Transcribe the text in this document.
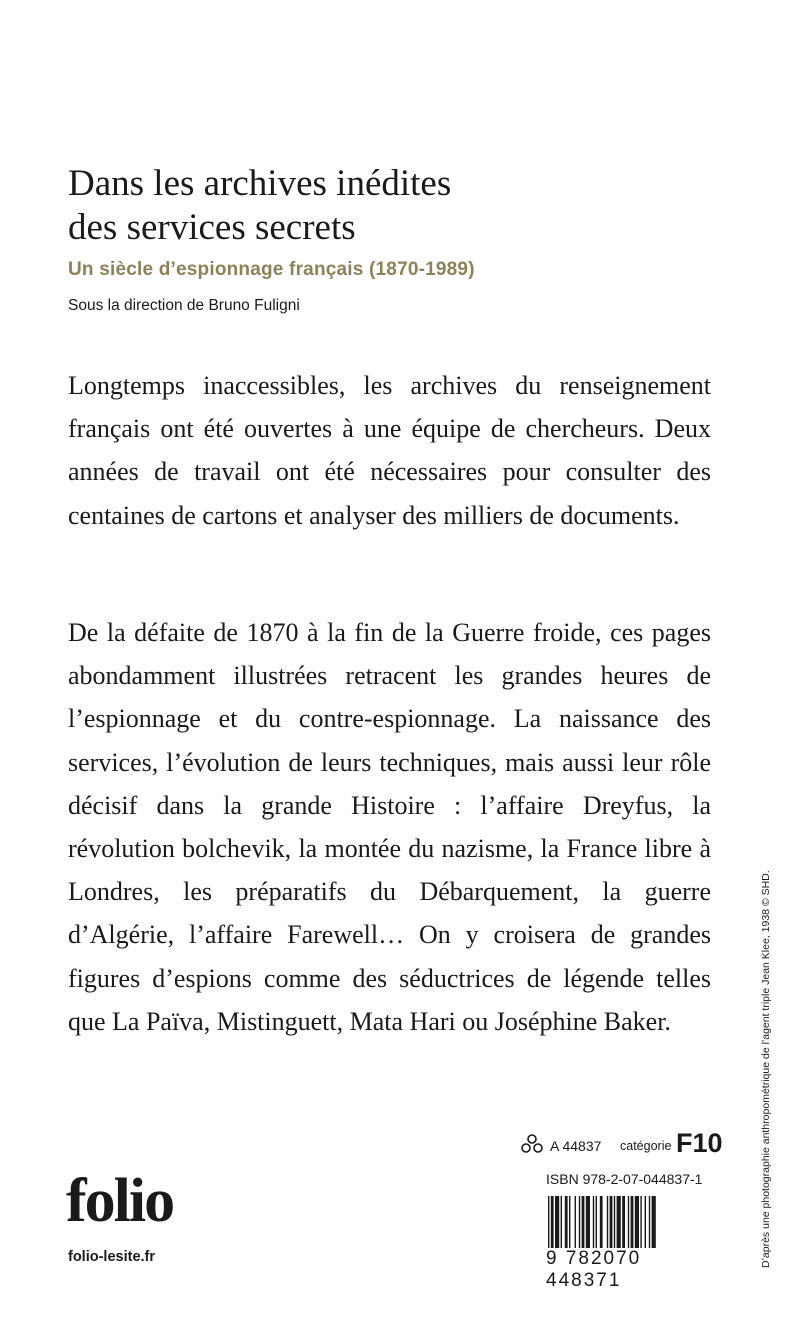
Dans les archives inédites
des services secrets
Un siècle d’espionnage français (1870-1989)
Sous la direction de Bruno Fuligni

Longtemps inaccessibles, les archives du renseignement français ont été ouvertes à une équipe de chercheurs. Deux années de travail ont été nécessaires pour consulter des centaines de cartons et analyser des milliers de documents.

De la défaite de 1870 à la fin de la Guerre froide, ces pages abondamment illustrées retracent les grandes heures de l’espionnage et du contre-espionnage. La naissance des services, l’évolution de leurs techniques, mais aussi leur rôle décisif dans la grande Histoire : l’affaire Dreyfus, la révolution bolchevik, la montée du nazisme, la France libre à Londres, les préparatifs du Débarquement, la guerre d’Algérie, l’affaire Farewell… On y croisera de grandes figures d’espions comme des séductrices de légende telles que La Païva, Mistinguett, Mata Hari ou Joséphine Baker.

A 44837 catégorie F10
ISBN 978-2-07-044837-1
9 782070 448371
folio
folio-lesite.fr	D’après une photographie anthropométrique de l’agent triple Jean Klee, 1938 © SHD.
